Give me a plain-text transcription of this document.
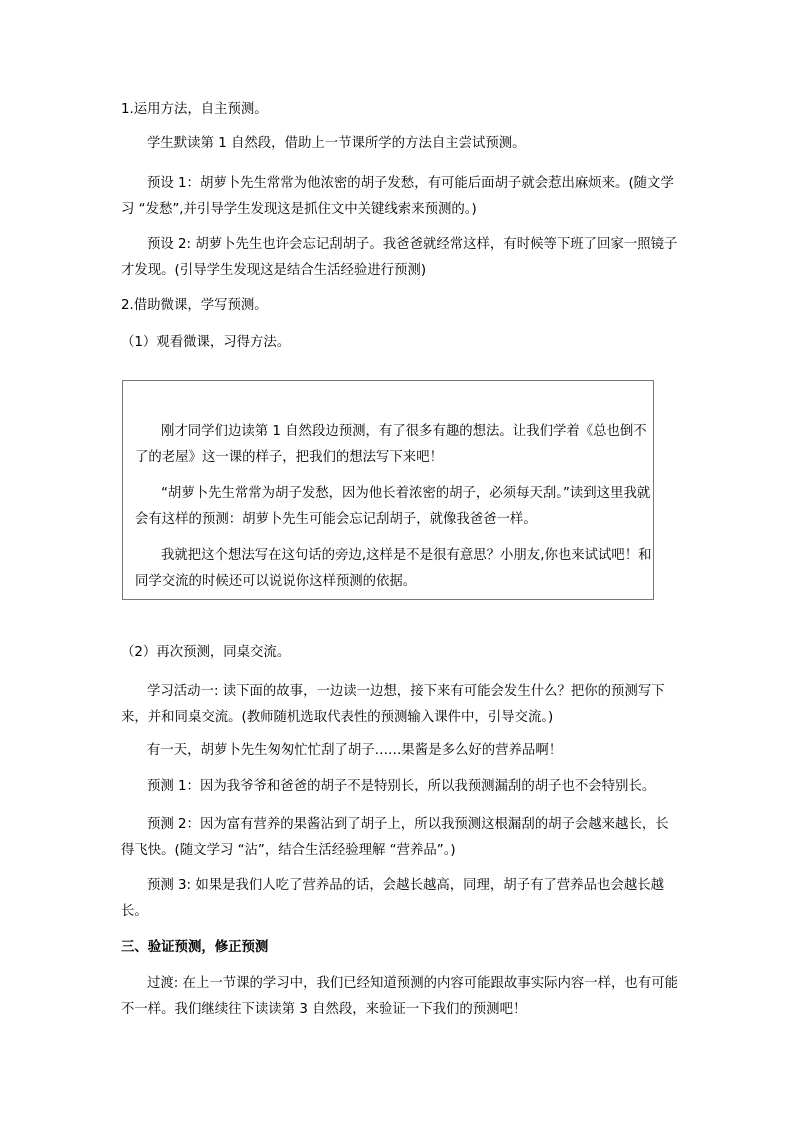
1.运用方法，自主预测。

学生默读第 1 自然段，借助上一节课所学的方法自主尝试预测。

预设 1：胡萝卜先生常常为他浓密的胡子发愁，有可能后面胡子就会惹出麻烦来。(随文学习 “发愁”,并引导学生发现这是抓住文中关键线索来预测的。)

预设 2: 胡萝卜先生也许会忘记刮胡子。我爸爸就经常这样，有时候等下班了回家一照镜子才发现。(引导学生发现这是结合生活经验进行预测)

2.借助微课，学写预测。

（1）观看微课，习得方法。

刚才同学们边读第 1 自然段边预测，有了很多有趣的想法。让我们学着《总也倒不了的老屋》这一课的样子，把我们的想法写下来吧！

“胡萝卜先生常常为胡子发愁，因为他长着浓密的胡子，必须每天刮。”读到这里我就会有这样的预测：胡萝卜先生可能会忘记刮胡子，就像我爸爸一样。

我就把这个想法写在这句话的旁边,这样是不是很有意思？小朋友,你也来试试吧！和同学交流的时候还可以说说你这样预测的依据。

（2）再次预测，同桌交流。

学习活动一: 读下面的故事，一边读一边想，接下来有可能会发生什么？把你的预测写下来，并和同桌交流。(教师随机选取代表性的预测输入课件中，引导交流。)

有一天，胡萝卜先生匆匆忙忙刮了胡子……果酱是多么好的营养品啊！

预测 1：因为我爷爷和爸爸的胡子不是特别长，所以我预测漏刮的胡子也不会特别长。

预测 2：因为富有营养的果酱沾到了胡子上，所以我预测这根漏刮的胡子会越来越长，长得飞快。(随文学习 “沾”，结合生活经验理解 “营养品”。)

预测 3: 如果是我们人吃了营养品的话，会越长越高，同理，胡子有了营养品也会越长越长。

三、验证预测，修正预测

过渡: 在上一节课的学习中，我们已经知道预测的内容可能跟故事实际内容一样，也有可能不一样。我们继续往下读读第 3 自然段，来验证一下我们的预测吧！
